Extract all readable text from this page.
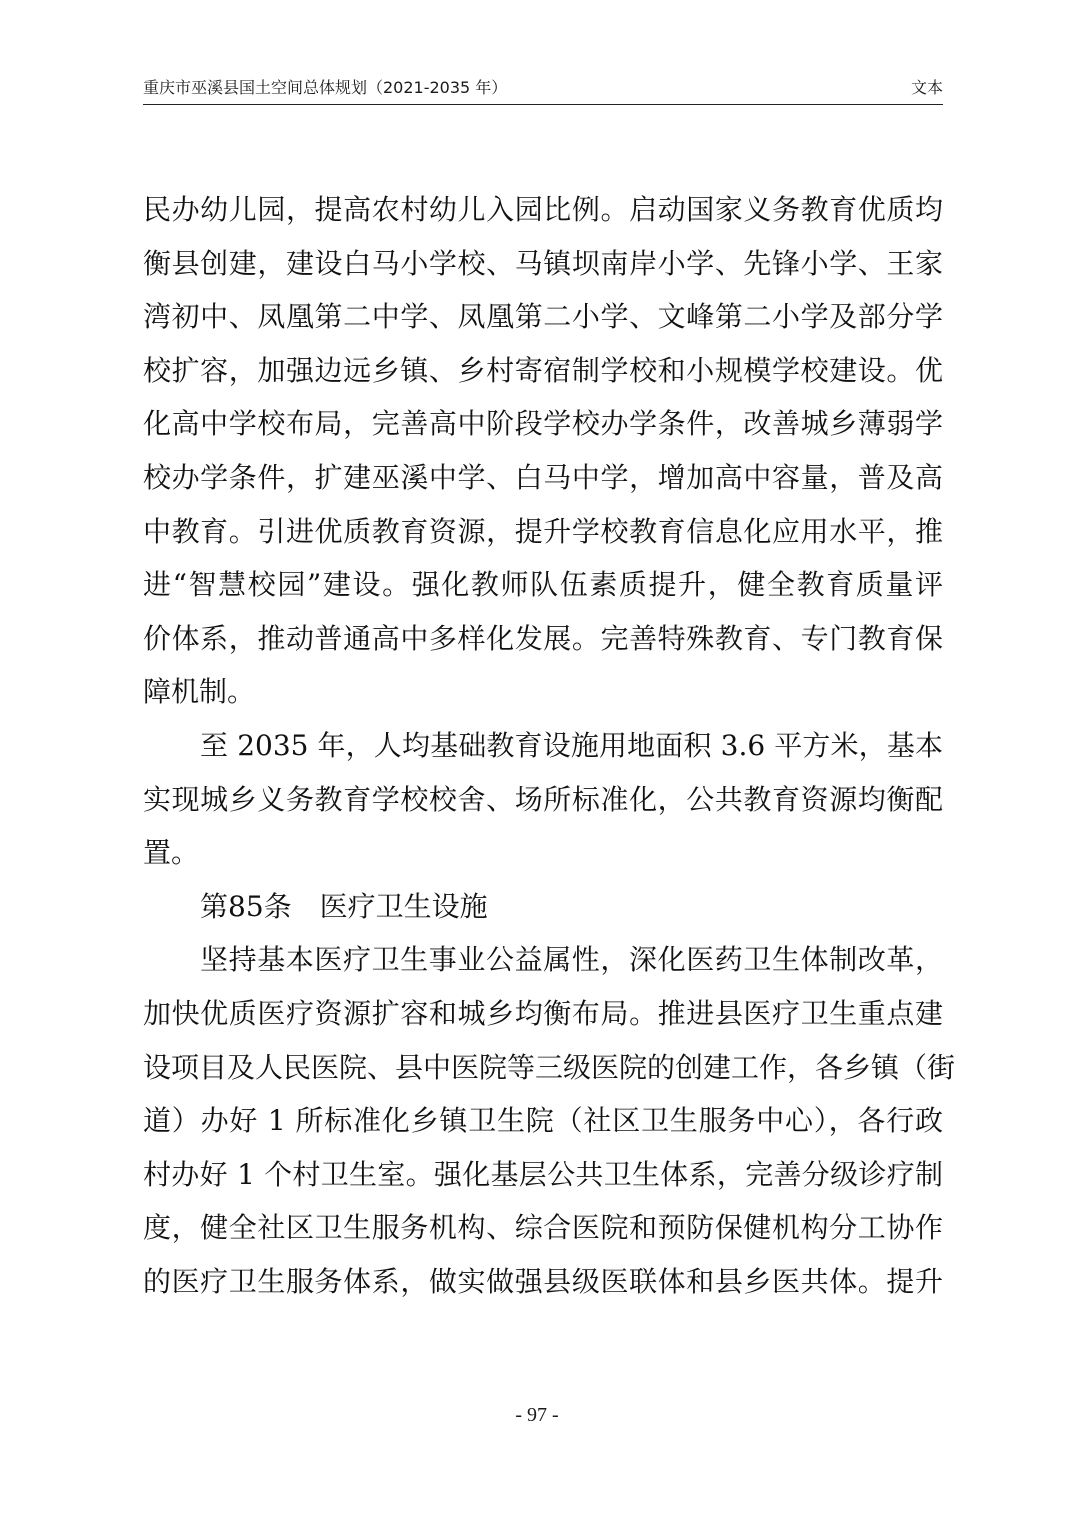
重庆市巫溪县国土空间总体规划（2021-2035 年）	文本
民办幼儿园，提高农村幼儿入园比例。启动国家义务教育优质均
衡县创建，建设白马小学校、马镇坝南岸小学、先锋小学、王家
湾初中、凤凰第二中学、凤凰第二小学、文峰第二小学及部分学
校扩容，加强边远乡镇、乡村寄宿制学校和小规模学校建设。优
化高中学校布局，完善高中阶段学校办学条件，改善城乡薄弱学
校办学条件，扩建巫溪中学、白马中学，增加高中容量，普及高
中教育。引进优质教育资源，提升学校教育信息化应用水平，推
进“智慧校园”建设。强化教师队伍素质提升，健全教育质量评
价体系，推动普通高中多样化发展。完善特殊教育、专门教育保
障机制。
至 2035 年，人均基础教育设施用地面积 3.6 平方米，基本
实现城乡义务教育学校校舍、场所标准化，公共教育资源均衡配
置。
第85条　医疗卫生设施
坚持基本医疗卫生事业公益属性，深化医药卫生体制改革，
加快优质医疗资源扩容和城乡均衡布局。推进县医疗卫生重点建
设项目及人民医院、县中医院等三级医院的创建工作，各乡镇（街
道）办好 1 所标准化乡镇卫生院（社区卫生服务中心），各行政
村办好 1 个村卫生室。强化基层公共卫生体系，完善分级诊疗制
度，健全社区卫生服务机构、综合医院和预防保健机构分工协作
的医疗卫生服务体系，做实做强县级医联体和县乡医共体。提升
- 97 -
